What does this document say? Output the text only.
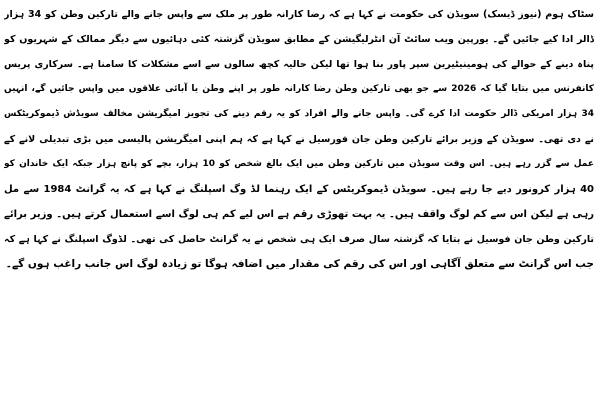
سٹاک ہوم (نیوز ڈیسک) سویڈن کی حکومت نے کہا ہے کہ رضا کارانہ طور پر ملک سے واپس جانے والے تارکین وطن کو 34 ہزار
ڈالر ادا کیے جائیں گے۔ یورپین ویب سائٹ آن انٹرلیگیشن کے مطابق سویڈن گزشتہ کئی دہائیوں سے دیگر ممالک کے شہریوں کو
پناہ دینے کے حوالے کی ہومینیٹیرین سپر پاور بنا ہوا تھا لیکن حالیہ کچھ سالوں سے اسے مشکلات کا سامنا ہے۔ سرکاری پریس
کانفرنس میں بتایا گیا کہ 2026 سے جو بھی تارکین وطن رضا کارانہ طور پر اپنے وطن یا آبائی علاقوں میں واپس جائیں گے، انہیں
34 ہزار امریکی ڈالر حکومت ادا کرے گی۔ واپس جانے والے افراد کو یہ رقم دینے کی تجویز امیگریشن مخالف سویڈش ڈیموکریٹکس
نے دی تھی۔ سویڈن کے وزیر برائے تارکین وطن جان فورسیل نے کہا ہے کہ ہم اپنی امیگریشن پالیسی میں بڑی تبدیلی لانے کے
عمل سے گزر رہے ہیں۔ اس وقت سویڈن میں تارکین وطن میں ایک بالغ شخص کو 10 ہزار، بچے کو پانچ ہزار جبکہ ایک خاندان کو
40 ہزار کرونور دیے جا رہے ہیں۔ سویڈن ڈیموکریٹس کے ایک رہنما لڈ وگ اسپلنگ نے کہا ہے کہ یہ گرانٹ 1984 سے مل
رہی ہے لیکن اس سے کم لوگ واقف ہیں۔ یہ بہت تھوڑی رقم ہے اس لیے کم ہی لوگ اسے استعمال کرتے ہیں۔ وزیر برائے
تارکین وطن جان فوسیل نے بتایا کہ گزشتہ سال صرف ایک ہی شخص نے یہ گرانٹ حاصل کی تھی۔ لڈوگ اسپلنگ نے کہا ہے کہ
جب اس گرانٹ سے متعلق آگاہی اور اس کی رقم کی مقدار میں اضافہ ہوگا تو زیادہ لوگ اس جانب راغب ہوں گے۔
